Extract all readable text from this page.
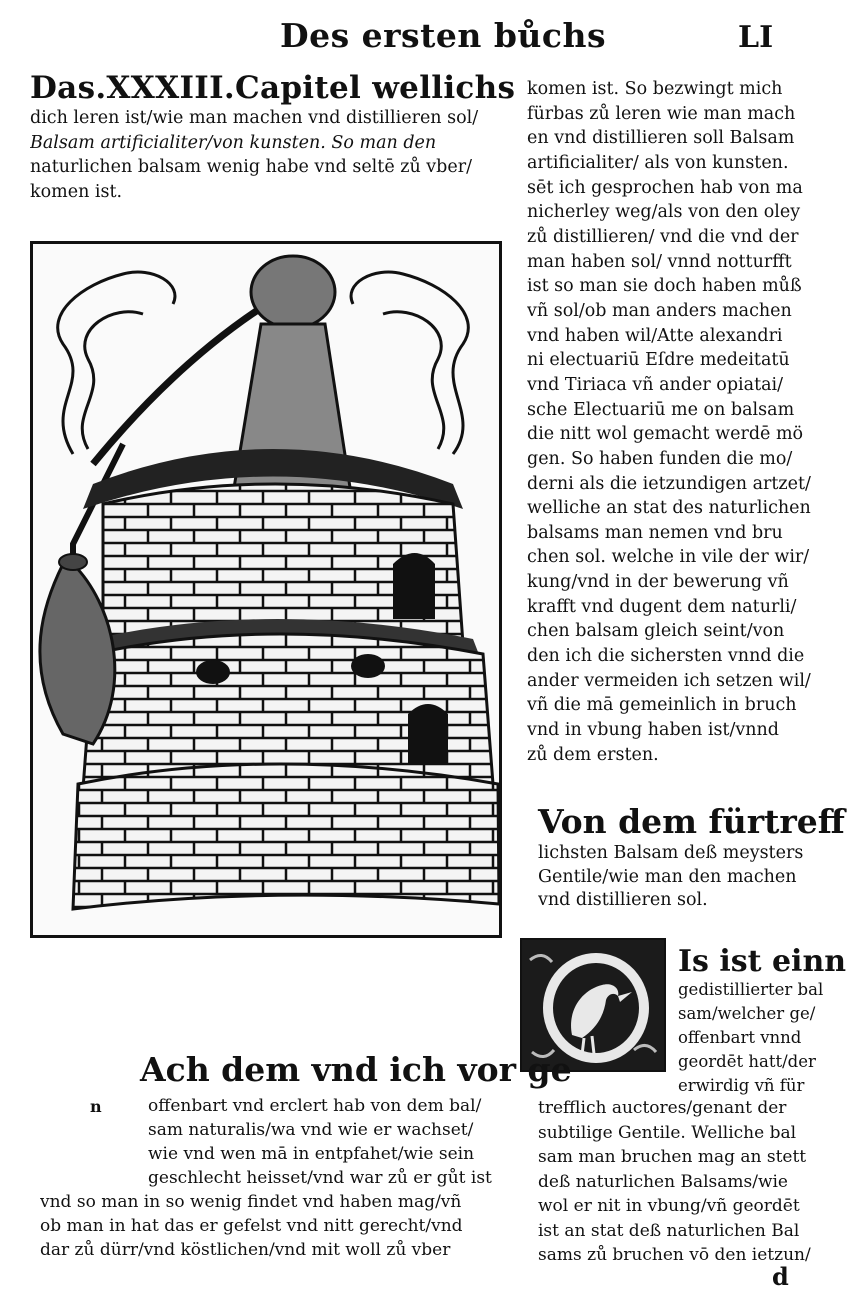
Des ersten bůchs	LI
Das.XXXIII.Capitel wellichs
dich leren ist/wie man machen vnd distillieren sol/
Balsam artificialiter/von kunsten. So man den
naturlichen balsam wenig habe vnd seltē zů vber/
komen ist.
komen ist. So bezwingt mich
fürbas zů leren wie man mach
en vnd distillieren soll Balsam
artificialiter/ als von kunsten.
sēt ich gesprochen hab von ma
nicherley weg/als von den oley
zů distillieren/ vnd die vnd der
man haben sol/ vnnd notturfft
ist so man sie doch haben můß
vñ sol/ob man anders machen
vnd haben wil/Atte alexandri
ni electuariū Eſdre medeitatū
vnd Tiriaca vñ ander opiatai/
sche Electuariū me on balsam
die nitt wol gemacht werdē mö
gen. So haben funden die mo/
derni als die ietzundigen artzet/
welliche an stat des naturlichen
balsams man nemen vnd bru
chen sol. welche in vile der wir/
kung/vnd in der bewerung vñ
krafft vnd dugent dem naturli/
chen balsam gleich seint/von
den ich die sichersten vnnd die
ander vermeiden ich setzen wil/
vñ die mā gemeinlich in bruch
vnd in vbung haben ist/vnnd
zů dem ersten.
Von dem fürtreff
lichsten Balsam deß meysters
Gentile/wie man den machen
vnd distillieren sol.
Is ist einn
gedistillierter bal
sam/welcher ge/
offenbart vnnd
geordēt hatt/der
erwirdig vñ für
trefflich auctores/genant der
subtilige Gentile. Welliche bal
sam man bruchen mag an stett
deß naturlichen Balsams/wie
wol er nit in vbung/vñ geordēt
ist an stat deß naturlichen Bal
sams zů bruchen vō den ietzun/
d
Ach dem vnd ich vor ge
n	offenbart vnd erclert hab von dem bal/
sam naturalis/wa vnd wie er wachset/
wie vnd wen mā in entpfahet/wie sein
geschlecht heisset/vnd war zů er gůt ist
vnd so man in so wenig findet vnd haben mag/vñ
ob man in hat das er gefelst vnd nitt gerecht/vnd
dar zů dürr/vnd köstlichen/vnd mit woll zů vber
